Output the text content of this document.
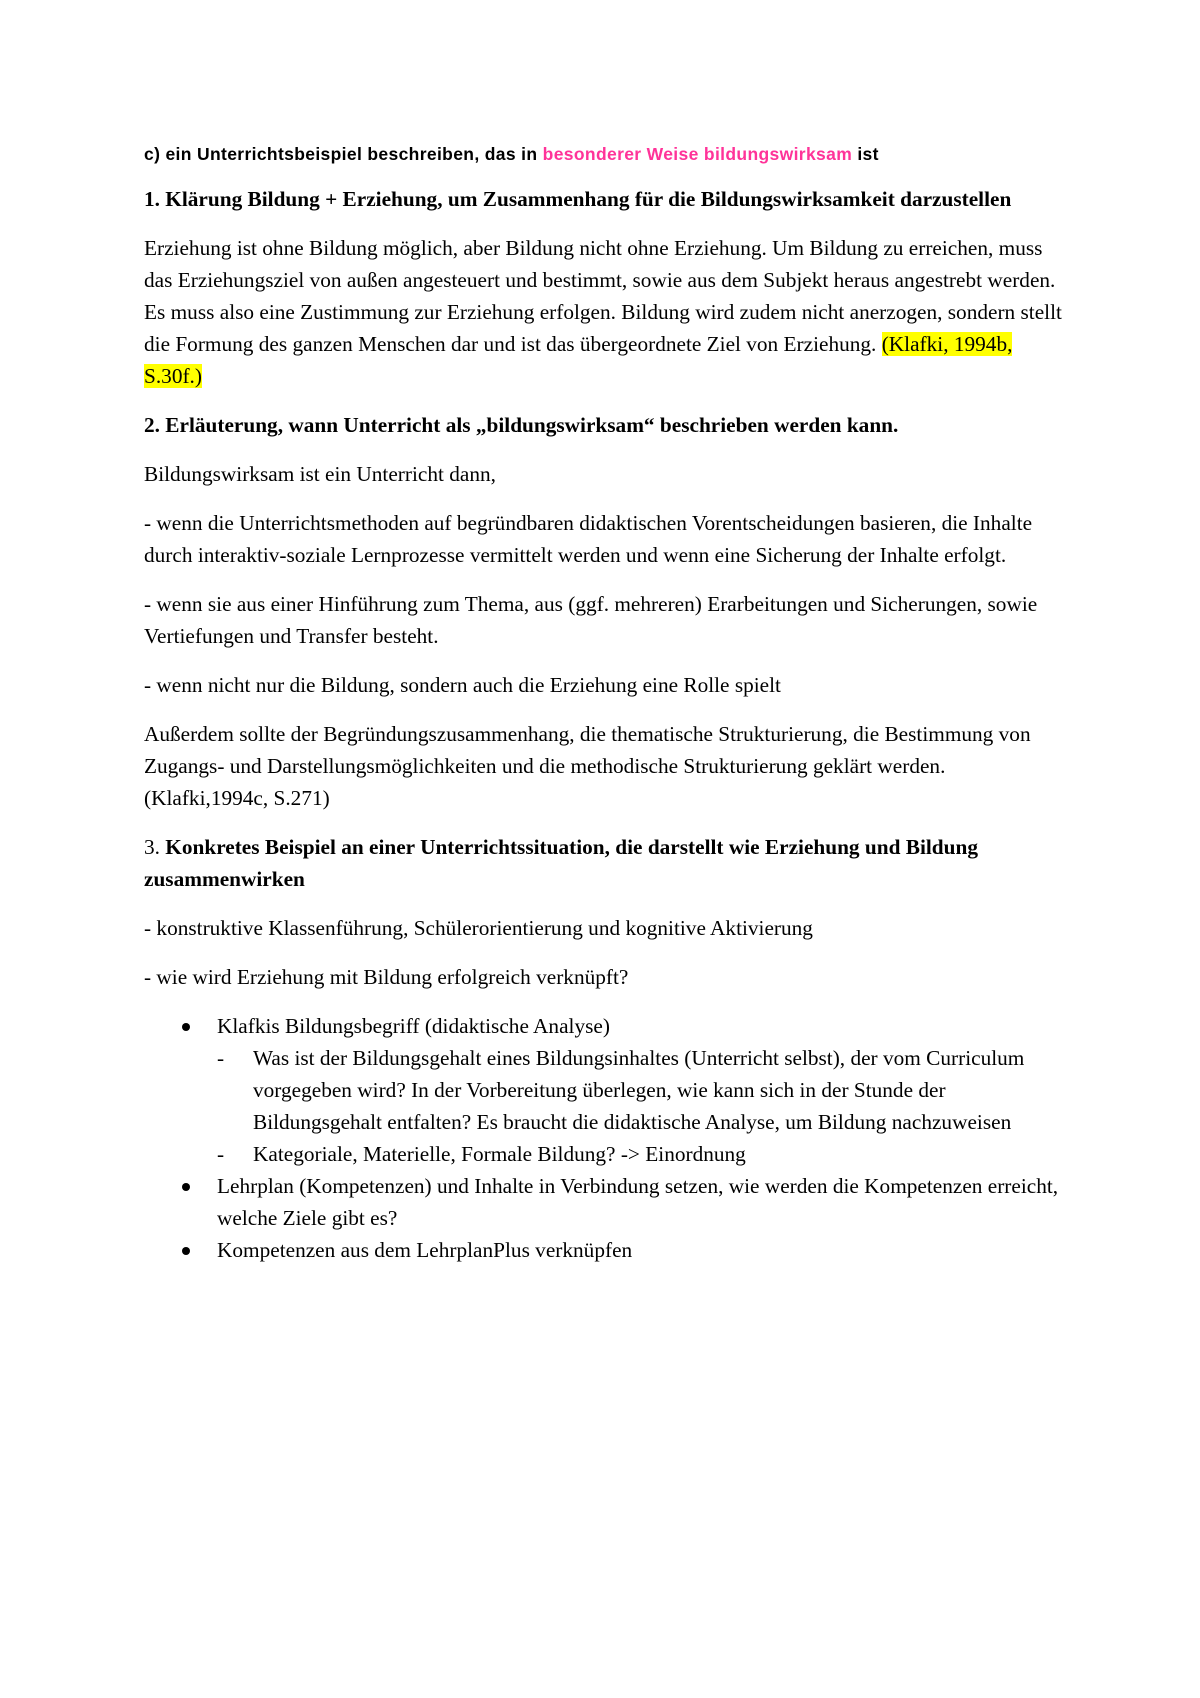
c) ein Unterrichtsbeispiel beschreiben, das in besonderer Weise bildungswirksam ist

1. Klärung Bildung + Erziehung, um Zusammenhang für die Bildungswirksamkeit darzustellen

Erziehung ist ohne Bildung möglich, aber Bildung nicht ohne Erziehung. Um Bildung zu erreichen, muss das Erziehungsziel von außen angesteuert und bestimmt, sowie aus dem Subjekt heraus angestrebt werden. Es muss also eine Zustimmung zur Erziehung erfolgen. Bildung wird zudem nicht anerzogen, sondern stellt die Formung des ganzen Menschen dar und ist das übergeordnete Ziel von Erziehung. (Klafki, 1994b, S.30f.)

2. Erläuterung, wann Unterricht als „bildungswirksam“ beschrieben werden kann.

Bildungswirksam ist ein Unterricht dann,

- wenn die Unterrichtsmethoden auf begründbaren didaktischen Vorentscheidungen basieren, die Inhalte durch interaktiv-soziale Lernprozesse vermittelt werden und wenn eine Sicherung der Inhalte erfolgt.

- wenn sie aus einer Hinführung zum Thema, aus (ggf. mehreren) Erarbeitungen und Sicherungen, sowie Vertiefungen und Transfer besteht.

- wenn nicht nur die Bildung, sondern auch die Erziehung eine Rolle spielt

Außerdem sollte der Begründungszusammenhang, die thematische Strukturierung, die Bestimmung von Zugangs- und Darstellungsmöglichkeiten und die methodische Strukturierung geklärt werden. (Klafki,1994c, S.271)

3. Konkretes Beispiel an einer Unterrichtssituation, die darstellt wie Erziehung und Bildung zusammenwirken

- konstruktive Klassenführung, Schülerorientierung und kognitive Aktivierung

- wie wird Erziehung mit Bildung erfolgreich verknüpft?

Klafkis Bildungsbegriff (didaktische Analyse)
- Was ist der Bildungsgehalt eines Bildungsinhaltes (Unterricht selbst), der vom Curriculum vorgegeben wird? In der Vorbereitung überlegen, wie kann sich in der Stunde der Bildungsgehalt entfalten? Es braucht die didaktische Analyse, um Bildung nachzuweisen
- Kategoriale, Materielle, Formale Bildung? -> Einordnung
Lehrplan (Kompetenzen) und Inhalte in Verbindung setzen, wie werden die Kompetenzen erreicht, welche Ziele gibt es?
Kompetenzen aus dem LehrplanPlus verknüpfen
